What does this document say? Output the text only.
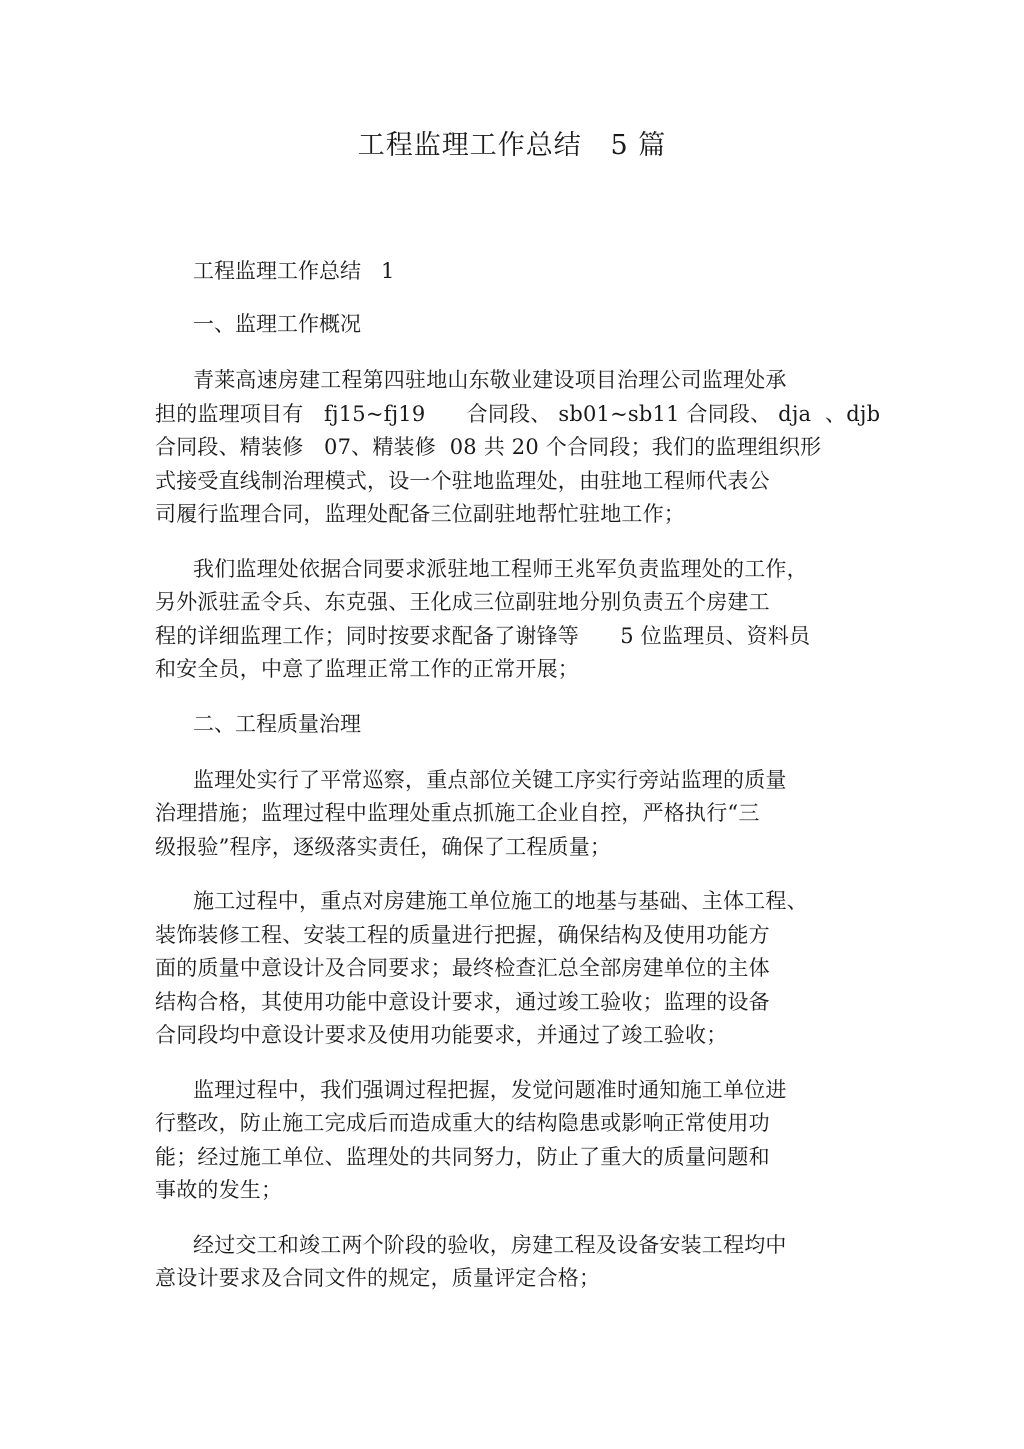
工程监理工作总结   5 篇

工程监理工作总结   1

一、监理工作概况

青莱高速房建工程第四驻地山东敬业建设项目治理公司监理处承
担的监理项目有   fj15~fj19      合同段、 sb01~sb11 合同段、 dja  、djb
合同段、精装修   07、精装修  08 共 20 个合同段；我们的监理组织形
式接受直线制治理模式，设一个驻地监理处，由驻地工程师代表公
司履行监理合同，监理处配备三位副驻地帮忙驻地工作；
我们监理处依据合同要求派驻地工程师王兆军负责监理处的工作，
另外派驻孟令兵、东克强、王化成三位副驻地分别负责五个房建工
程的详细监理工作；同时按要求配备了谢锋等      5 位监理员、资料员
和安全员，中意了监理正常工作的正常开展；

二、工程质量治理

监理处实行了平常巡察，重点部位关键工序实行旁站监理的质量
治理措施；监理过程中监理处重点抓施工企业自控，严格执行“三
级报验”程序，逐级落实责任，确保了工程质量；
施工过程中，重点对房建施工单位施工的地基与基础、主体工程、
装饰装修工程、安装工程的质量进行把握，确保结构及使用功能方
面的质量中意设计及合同要求；最终检查汇总全部房建单位的主体
结构合格，其使用功能中意设计要求，通过竣工验收；监理的设备
合同段均中意设计要求及使用功能要求，并通过了竣工验收；
监理过程中，我们强调过程把握，发觉问题准时通知施工单位进
行整改，防止施工完成后而造成重大的结构隐患或影响正常使用功
能；经过施工单位、监理处的共同努力，防止了重大的质量问题和
事故的发生；
经过交工和竣工两个阶段的验收，房建工程及设备安装工程均中
意设计要求及合同文件的规定，质量评定合格；
